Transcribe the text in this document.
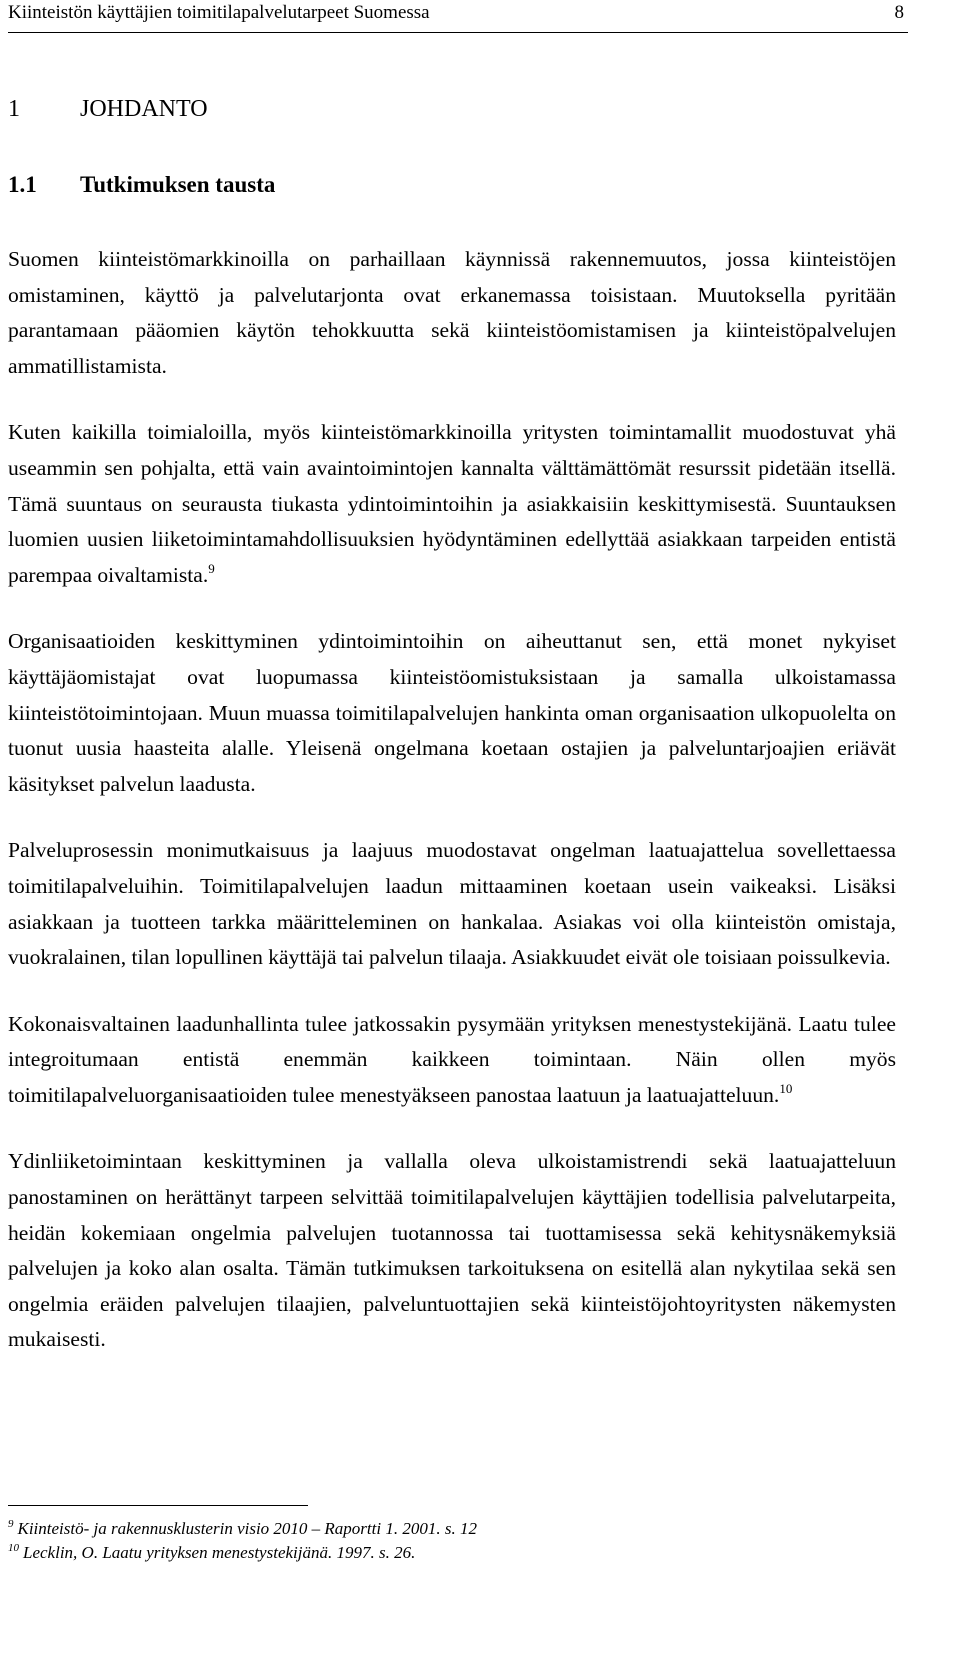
Kiinteistön käyttäjien toimitilapalvelutarpeet Suomessa	8
1	JOHDANTO
1.1 Tutkimuksen tausta

Suomen kiinteistömarkkinoilla on parhaillaan käynnissä rakennemuutos, jossa kiinteistöjen omistaminen, käyttö ja palvelutarjonta ovat erkanemassa toisistaan. Muutoksella pyritään parantamaan pääomien käytön tehokkuutta sekä kiinteistöomistamisen ja kiinteistöpalvelujen ammatillistamista.

Kuten kaikilla toimialoilla, myös kiinteistömarkkinoilla yritysten toimintamallit muodostuvat yhä useammin sen pohjalta, että vain avaintoimintojen kannalta välttämättömät resurssit pidetään itsellä. Tämä suuntaus on seurausta tiukasta ydintoimintoihin ja asiakkaisiin keskittymisestä. Suuntauksen luomien uusien liiketoimintamahdollisuuksien hyödyntäminen edellyttää asiakkaan tarpeiden entistä parempaa oivaltamista.$^9$

Organisaatioiden keskittyminen ydintoimintoihin on aiheuttanut sen, että monet nykyiset käyttäjäomistajat ovat luopumassa kiinteistöomistuksistaan ja samalla ulkoistamassa kiinteistötoimintojaan. Muun muassa toimitilapalvelujen hankinta oman organisaation ulkopuolelta on tuonut uusia haasteita alalle. Yleisenä ongelmana koetaan ostajien ja palveluntarjoajien eriävät käsitykset palvelun laadusta.

Palveluprosessin monimutkaisuus ja laajuus muodostavat ongelman laatuajattelua sovellettaessa toimitilapalveluihin. Toimitilapalvelujen laadun mittaaminen koetaan usein vaikeaksi. Lisäksi asiakkaan ja tuotteen tarkka määritteleminen on hankalaa. Asiakas voi olla kiinteistön omistaja, vuokralainen, tilan lopullinen käyttäjä tai palvelun tilaaja. Asiakkuudet eivät ole toisiaan poissulkevia.

Kokonaisvaltainen laadunhallinta tulee jatkossakin pysymään yrityksen menestystekijänä. Laatu tulee integroitumaan entistä enemmän kaikkeen toimintaan. Näin ollen myös toimitilapalveluorganisaatioiden tulee menestyäkseen panostaa laatuun ja laatuajatteluun.$^{10}$

Ydinliiketoimintaan keskittyminen ja vallalla oleva ulkoistamistrendi sekä laatuajatteluun panostaminen on herättänyt tarpeen selvittää toimitilapalvelujen käyttäjien todellisia palvelutarpeita, heidän kokemiaan ongelmia palvelujen tuotannossa tai tuottamisessa sekä kehitysnäkemyksiä palvelujen ja koko alan osalta. Tämän tutkimuksen tarkoituksena on esitellä alan nykytilaa sekä sen ongelmia eräiden palvelujen tilaajien, palveluntuottajien sekä kiinteistöjohtoyritysten näkemysten mukaisesti.

$^9$ Kiinteistö- ja rakennusklusterin visio 2010 – Raportti 1. 2001. s. 12
$^{10}$ Lecklin, O. Laatu yrityksen menestystekijänä. 1997. s. 26.
